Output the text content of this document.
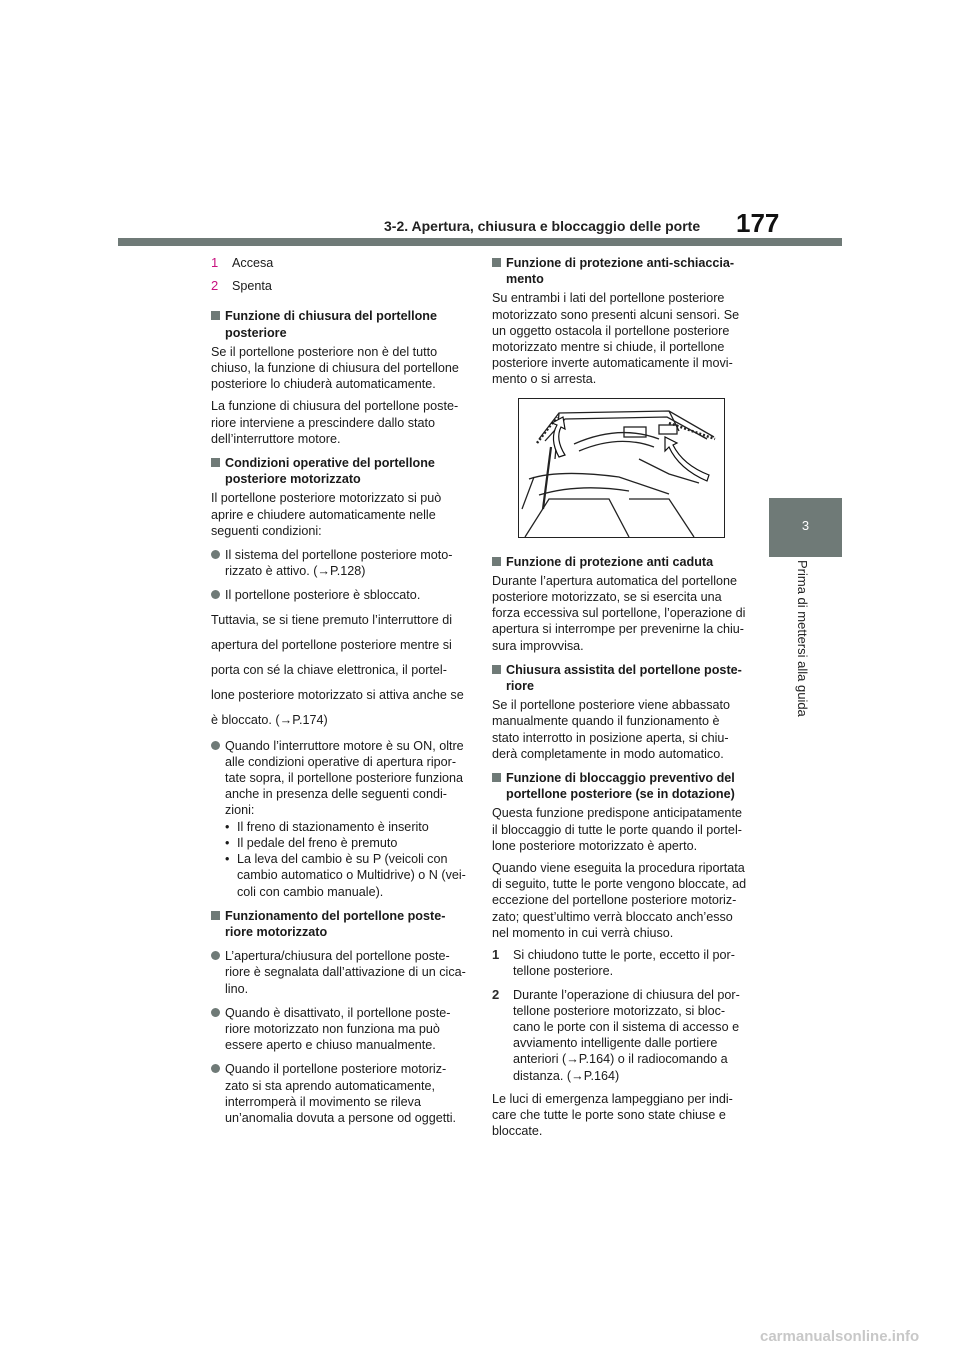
3-2. Apertura, chiusura e bloccaggio delle porte 177
3
Prima di mettersi alla guida
1 Accesa
2 Spenta
Funzione di chiusura del portellone posteriore

Se il portellone posteriore non è del tutto chiuso, la funzione di chiusura del portellone posteriore lo chiuderà automaticamente.

La funzione di chiusura del portellone poste-riore interviene a prescindere dallo stato dell’interruttore motore.

Condizioni operative del portellone posteriore motorizzato

Il portellone posteriore motorizzato si può aprire e chiudere automaticamente nelle seguenti condizioni:

Il sistema del portellone posteriore moto-rizzato è attivo. (→P.128)
Il portellone posteriore è sbloccato.

Tuttavia, se si tiene premuto l’interruttore di

apertura del portellone posteriore mentre si

porta con sé la chiave elettronica, il portel-

lone posteriore motorizzato si attiva anche se

è bloccato. (→P.174)

Quando l’interruttore motore è su ON, oltre alle condizioni operative di apertura ripor-tate sopra, il portellone posteriore funziona anche in presenza delle seguenti condi-zioni:
• Il freno di stazionamento è inserito
• Il pedale del freno è premuto
• La leva del cambio è su P (veicoli con cambio automatico o Multidrive) o N (vei-coli con cambio manuale).
Funzionamento del portellone poste-riore motorizzato
L’apertura/chiusura del portellone poste-riore è segnalata dall’attivazione di un cica-lino.
Quando è disattivato, il portellone poste-riore motorizzato non funziona ma può essere aperto e chiuso manualmente.
Quando il portellone posteriore motoriz-zato si sta aprendo automaticamente, interromperà il movimento se rileva un’anomalia dovuta a persone od oggetti.
Funzione di protezione anti-schiaccia-mento

Su entrambi i lati del portellone posteriore motorizzato sono presenti alcuni sensori. Se un oggetto ostacola il portellone posteriore motorizzato mentre si chiude, il portellone posteriore inverte automaticamente il movi-mento o si arresta.

Funzione di protezione anti caduta

Durante l’apertura automatica del portellone posteriore motorizzato, se si esercita una forza eccessiva sul portellone, l’operazione di apertura si interrompe per prevenirne la chiu-sura improvvisa.

Chiusura assistita del portellone poste-riore

Se il portellone posteriore viene abbassato manualmente quando il funzionamento è stato interrotto in posizione aperta, si chiu-derà completamente in modo automatico.

Funzione di bloccaggio preventivo del portellone posteriore (se in dotazione)

Questa funzione predispone anticipatamente il bloccaggio di tutte le porte quando il portel-lone posteriore motorizzato è aperto.

Quando viene eseguita la procedura riportata di seguito, tutte le porte vengono bloccate, ad eccezione del portellone posteriore motoriz-zato; quest’ultimo verrà bloccato anch’esso nel momento in cui verrà chiuso.

1 Si chiudono tutte le porte, eccetto il por-tellone posteriore.
2 Durante l’operazione di chiusura del por-tellone posteriore motorizzato, si bloc-cano le porte con il sistema di accesso e avviamento intelligente dalle portiere anteriori (→P.164) o il radiocomando a distanza. (→P.164)

Le luci di emergenza lampeggiano per indi-care che tutte le porte sono state chiuse e bloccate.

carmanualsonline.info
